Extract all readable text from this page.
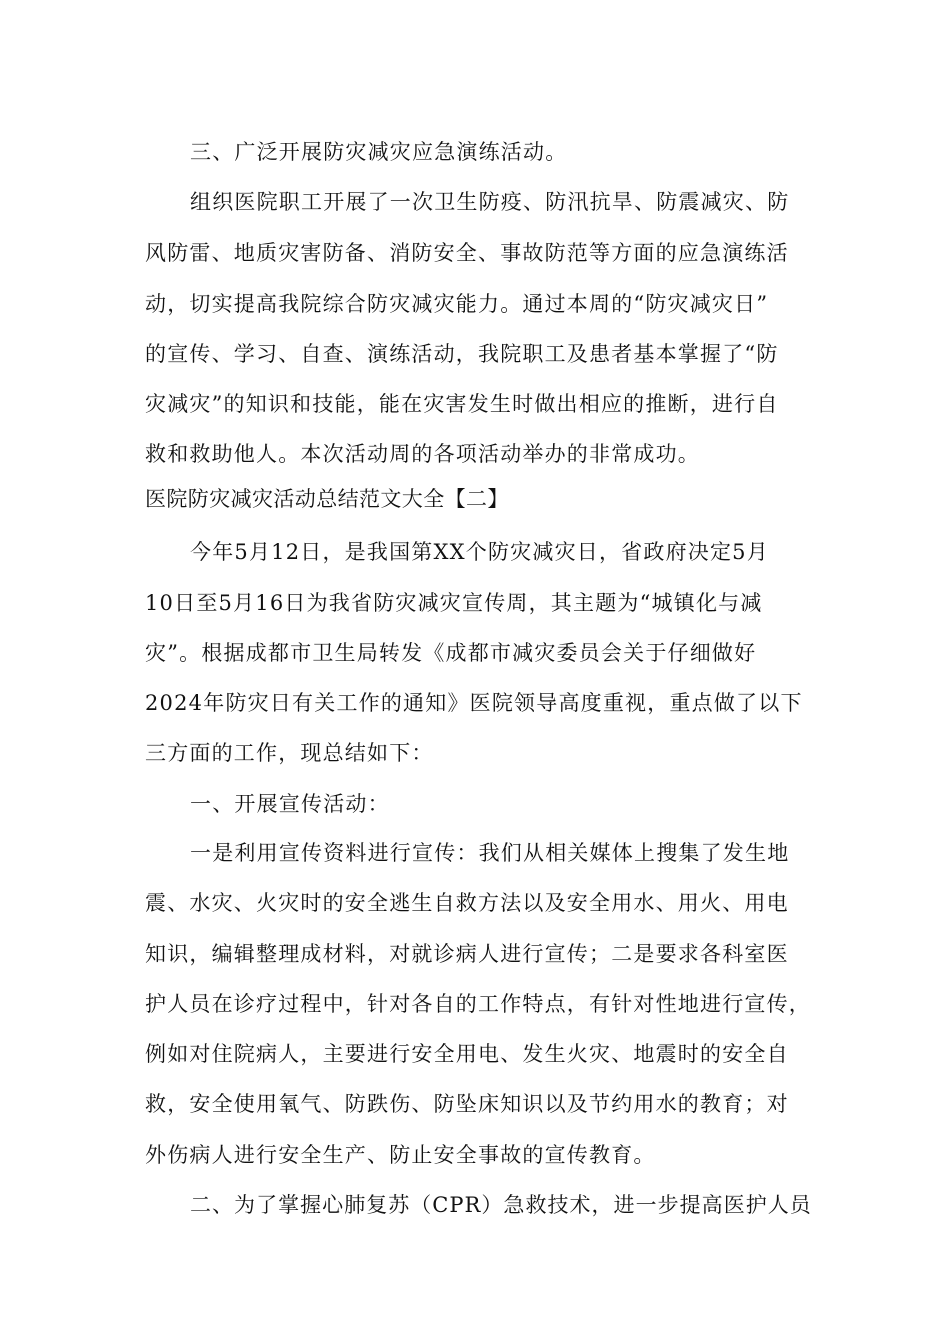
三、广泛开展防灾减灾应急演练活动。
组织医院职工开展了一次卫生防疫、防汛抗旱、防震减灾、防
风防雷、地质灾害防备、消防安全、事故防范等方面的应急演练活
动，切实提高我院综合防灾减灾能力。通过本周的“防灾减灾日”
的宣传、学习、自查、演练活动，我院职工及患者基本掌握了“防
灾减灾”的知识和技能，能在灾害发生时做出相应的推断，进行自
救和救助他人。本次活动周的各项活动举办的非常成功。
医院防灾减灾活动总结范文大全【二】
今年5月12日，是我国第XX个防灾减灾日，省政府决定5月
10日至5月16日为我省防灾减灾宣传周，其主题为“城镇化与减
灾”。根据成都市卫生局转发《成都市减灾委员会关于仔细做好
2024年防灾日有关工作的通知》医院领导高度重视，重点做了以下
三方面的工作，现总结如下：
一、开展宣传活动：
一是利用宣传资料进行宣传：我们从相关媒体上搜集了发生地
震、水灾、火灾时的安全逃生自救方法以及安全用水、用火、用电
知识，编辑整理成材料，对就诊病人进行宣传；二是要求各科室医
护人员在诊疗过程中，针对各自的工作特点，有针对性地进行宣传，
例如对住院病人，主要进行安全用电、发生火灾、地震时的安全自
救，安全使用氧气、防跌伤、防坠床知识以及节约用水的教育；对
外伤病人进行安全生产、防止安全事故的宣传教育。
二、为了掌握心肺复苏（CPR）急救技术，进一步提高医护人员
